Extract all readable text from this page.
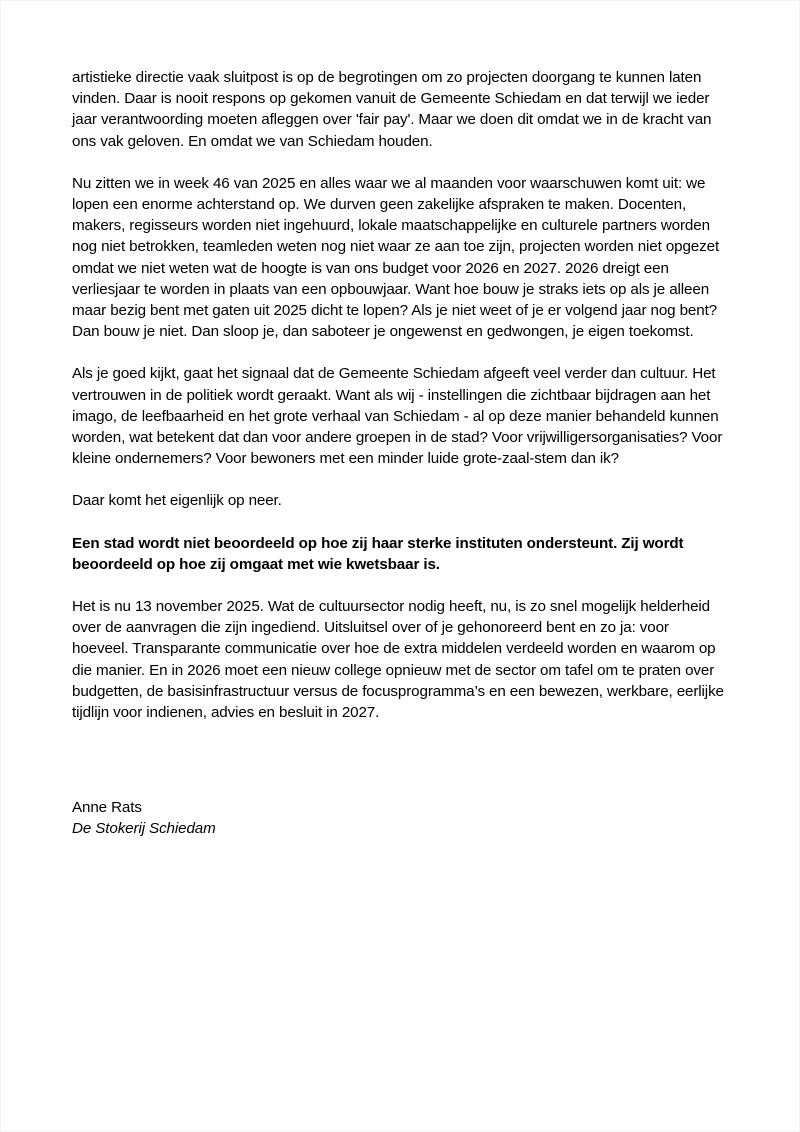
artistieke directie vaak sluitpost is op de begrotingen om zo projecten doorgang te kunnen laten vinden. Daar is nooit respons op gekomen vanuit de Gemeente Schiedam en dat terwijl we ieder jaar verantwoording moeten afleggen over 'fair pay'. Maar we doen dit omdat we in de kracht van ons vak geloven. En omdat we van Schiedam houden.

Nu zitten we in week 46 van 2025 en alles waar we al maanden voor waarschuwen komt uit: we lopen een enorme achterstand op. We durven geen zakelijke afspraken te maken. Docenten, makers, regisseurs worden niet ingehuurd, lokale maatschappelijke en culturele partners worden nog niet betrokken, teamleden weten nog niet waar ze aan toe zijn, projecten worden niet opgezet omdat we niet weten wat de hoogte is van ons budget voor 2026 en 2027. 2026 dreigt een verliesjaar te worden in plaats van een opbouwjaar. Want hoe bouw je straks iets op als je alleen maar bezig bent met gaten uit 2025 dicht te lopen? Als je niet weet of je er volgend jaar nog bent? Dan bouw je niet. Dan sloop je, dan saboteer je ongewenst en gedwongen, je eigen toekomst.

Als je goed kijkt, gaat het signaal dat de Gemeente Schiedam afgeeft veel verder dan cultuur. Het vertrouwen in de politiek wordt geraakt. Want als wij - instellingen die zichtbaar bijdragen aan het imago, de leefbaarheid en het grote verhaal van Schiedam - al op deze manier behandeld kunnen worden, wat betekent dat dan voor andere groepen in de stad? Voor vrijwilligersorganisaties? Voor kleine ondernemers? Voor bewoners met een minder luide grote-zaal-stem dan ik?

Daar komt het eigenlijk op neer.

Een stad wordt niet beoordeeld op hoe zij haar sterke instituten ondersteunt. Zij wordt beoordeeld op hoe zij omgaat met wie kwetsbaar is.

Het is nu 13 november 2025. Wat de cultuursector nodig heeft, nu, is zo snel mogelijk helderheid over de aanvragen die zijn ingediend. Uitsluitsel over of je gehonoreerd bent en zo ja: voor hoeveel. Transparante communicatie over hoe de extra middelen verdeeld worden en waarom op die manier. En in 2026 moet een nieuw college opnieuw met de sector om tafel om te praten over budgetten, de basisinfrastructuur versus de focusprogramma’s en een bewezen, werkbare, eerlijke tijdlijn voor indienen, advies en besluit in 2027.

Anne Rats
De Stokerij Schiedam
